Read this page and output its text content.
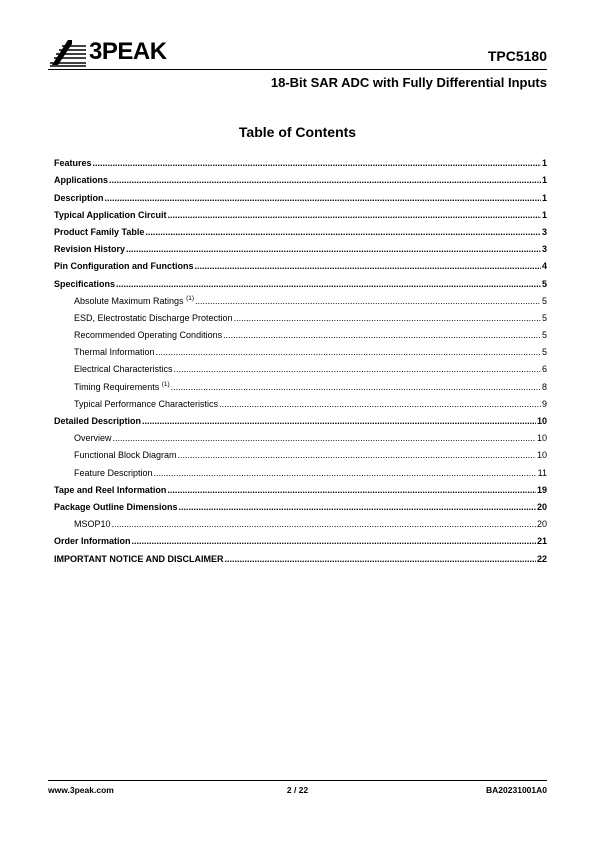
3PEAK	TPC5180
18-Bit SAR ADC with Fully Differential Inputs
Table of Contents
Features .....	1
Applications .....	1
Description .....	1
Typical Application Circuit .....	1
Product Family Table .....	3
Revision History .....	3
Pin Configuration and Functions .....	4
Specifications .....	5
Absolute Maximum Ratings $^{(1)}$ .....	5
ESD, Electrostatic Discharge Protection .....	5
Recommended Operating Conditions .....	5
Thermal Information .....	5
Electrical Characteristics .....	6
Timing Requirements $^{(1)}$ .....	8
Typical Performance Characteristics .....	9
Detailed Description .....	10
Overview .....	10
Functional Block Diagram .....	10
Feature Description .....	11
Tape and Reel Information .....	19
Package Outline Dimensions .....	20
MSOP10 .....	20
Order Information .....	21
IMPORTANT NOTICE AND DISCLAIMER .....	22
www.3peak.com	2 / 22	BA20231001A0
